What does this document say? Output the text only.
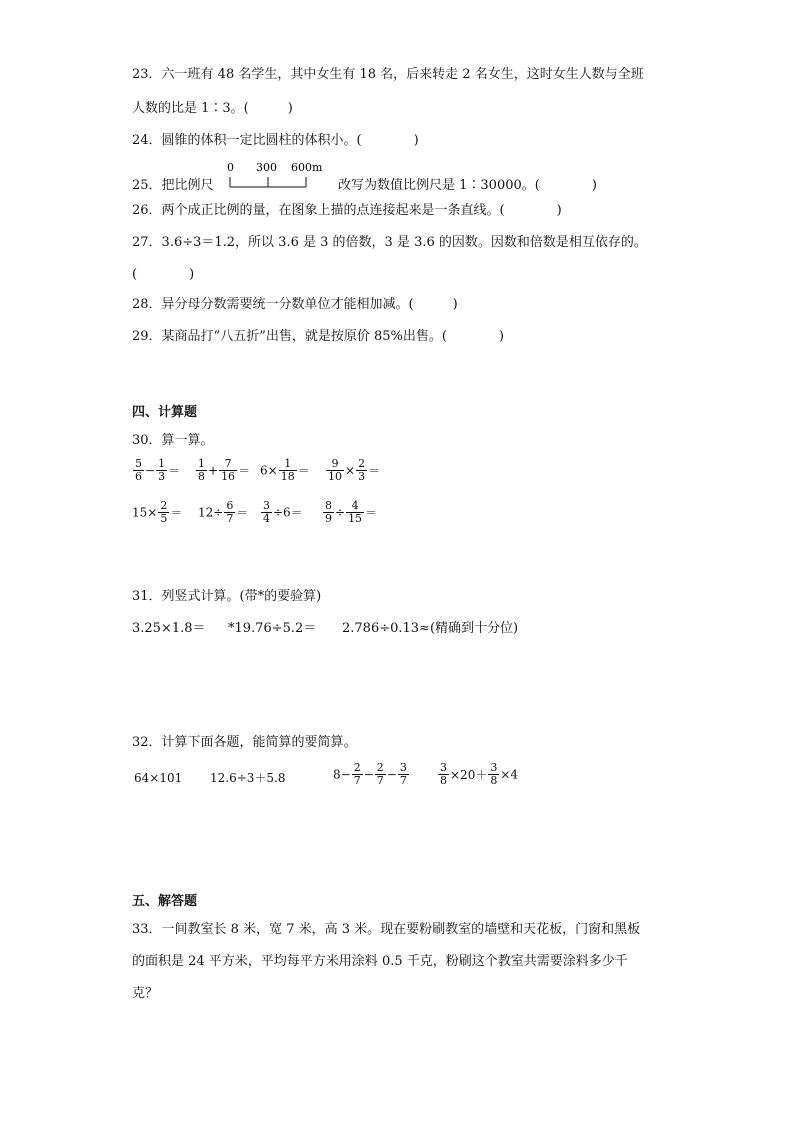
23．六一班有 48 名学生，其中女生有 18 名，后来转走 2 名女生，这时女生人数与全班
人数的比是 1∶3。(　　　)
24．圆锥的体积一定比圆柱的体积小。(　　　　)
25．把比例尺
0 300 600m
改写为数值比例尺是 1∶30000。(　　　　)
26．两个成正比例的量，在图象上描的点连接起来是一条直线。(　　　　)
27．3.6÷3＝1.2，所以 3.6 是 3 的倍数，3 是 3.6 的因数。因数和倍数是相互依存的。
(　　　　)
28．异分母分数需要统一分数单位才能相加减。(　　　)
29．某商品打“八五折”出售，就是按原价 85%出售。(　　　　)
四、计算题
30．算一算。
$\frac{5}{6} - \frac{1}{3} = \frac{1}{8} + \frac{7}{16} = 6\times \frac{1}{18} = \frac{9}{10} \times \frac{2}{3}$ ＝
$15\times \frac{2}{5} = 12\div \frac{6}{7} = \frac{3}{4} \div 6= \frac{8}{9} \div \frac{4}{15}$ ＝
31．列竖式计算。(带*的要验算)
3.25×1.8＝ *19.76÷5.2＝ 2.786÷0.13≈(精确到十分位)
32．计算下面各题，能简算的要简算。
64×101 12.6÷3＋5.8	$8- \frac{2}{7} - \frac{2}{7} - \frac{3}{7}$	$\frac{3}{8} \times 20+ \frac{3}{8} \times 4$
五、解答题
33．一间教室长 8 米，宽 7 米，高 3 米。现在要粉刷教室的墙壁和天花板，门窗和黑板
的面积是 24 平方米，平均每平方米用涂料 0.5 千克，粉刷这个教室共需要涂料多少千
克？
